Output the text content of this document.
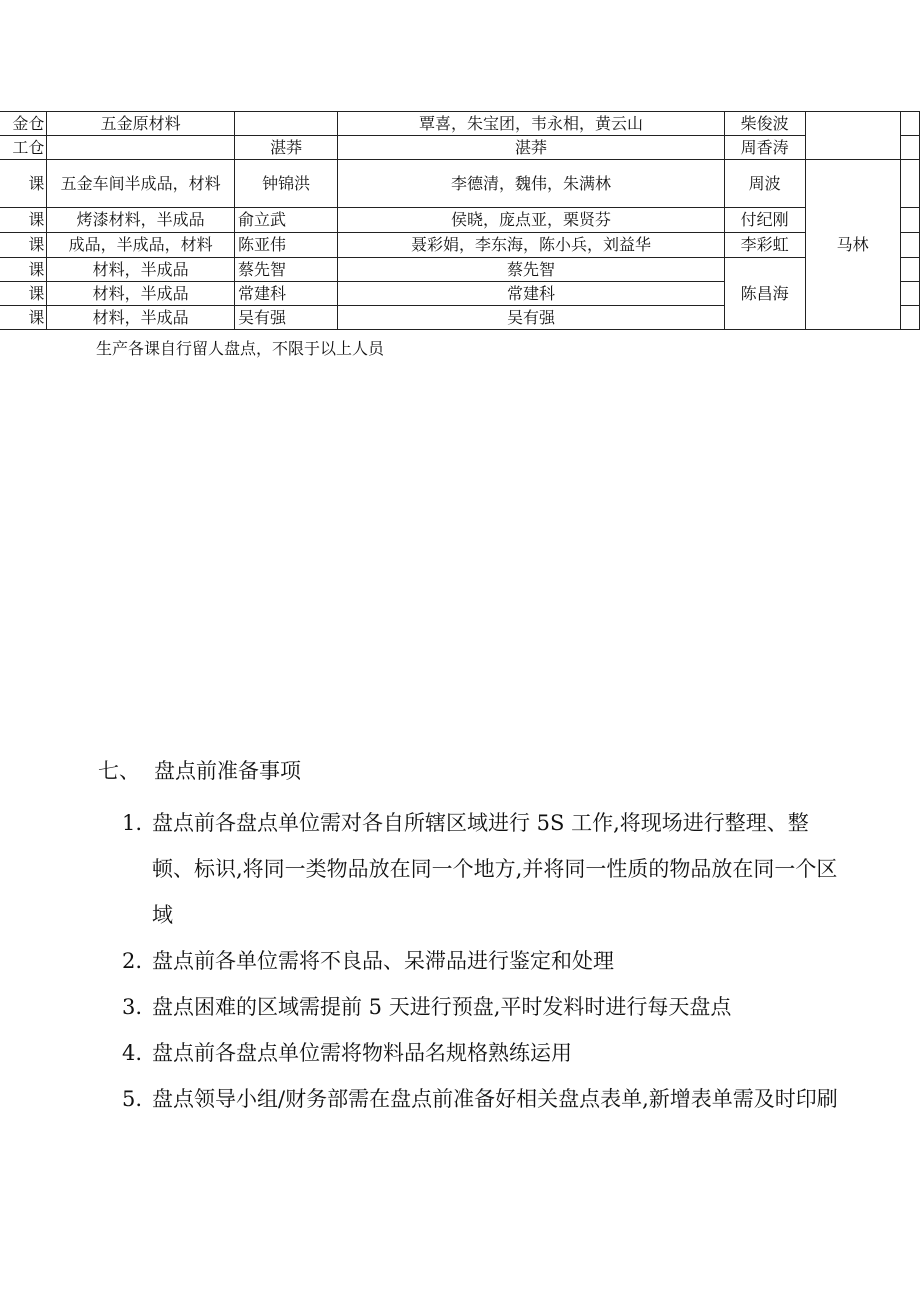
金仓	五金原材料		覃喜，朱宝团，韦永相，黄云山	柴俊波		
工仓		湛莽	湛莽	周香涛		
课	五金车间半成品，材料	钟锦洪	李德清，魏伟，朱满林	周波	马林	
课	烤漆材料，半成品	俞立武	侯晓，庞点亚，栗贤芬	付纪刚		
课	成品，半成品，材料	陈亚伟	聂彩娟，李东海，陈小兵，刘益华	李彩虹		
课	材料，半成品	蔡先智	蔡先智	陈昌海		
课	材料，半成品	常建科	常建科			
课	材料，半成品	吴有强	吴有强			
生产各课自行留人盘点，不限于以上人员
七、 盘点前准备事项
1. 盘点前各盘点单位需对各自所辖区域进行 5S 工作,将现场进行整理、整顿、标识,将同一类物品放在同一个地方,并将同一性质的物品放在同一个区域
2. 盘点前各单位需将不良品、呆滞品进行鉴定和处理
3. 盘点困难的区域需提前 5 天进行预盘,平时发料时进行每天盘点
4. 盘点前各盘点单位需将物料品名规格熟练运用
5. 盘点领导小组/财务部需在盘点前准备好相关盘点表单,新增表单需及时印刷
